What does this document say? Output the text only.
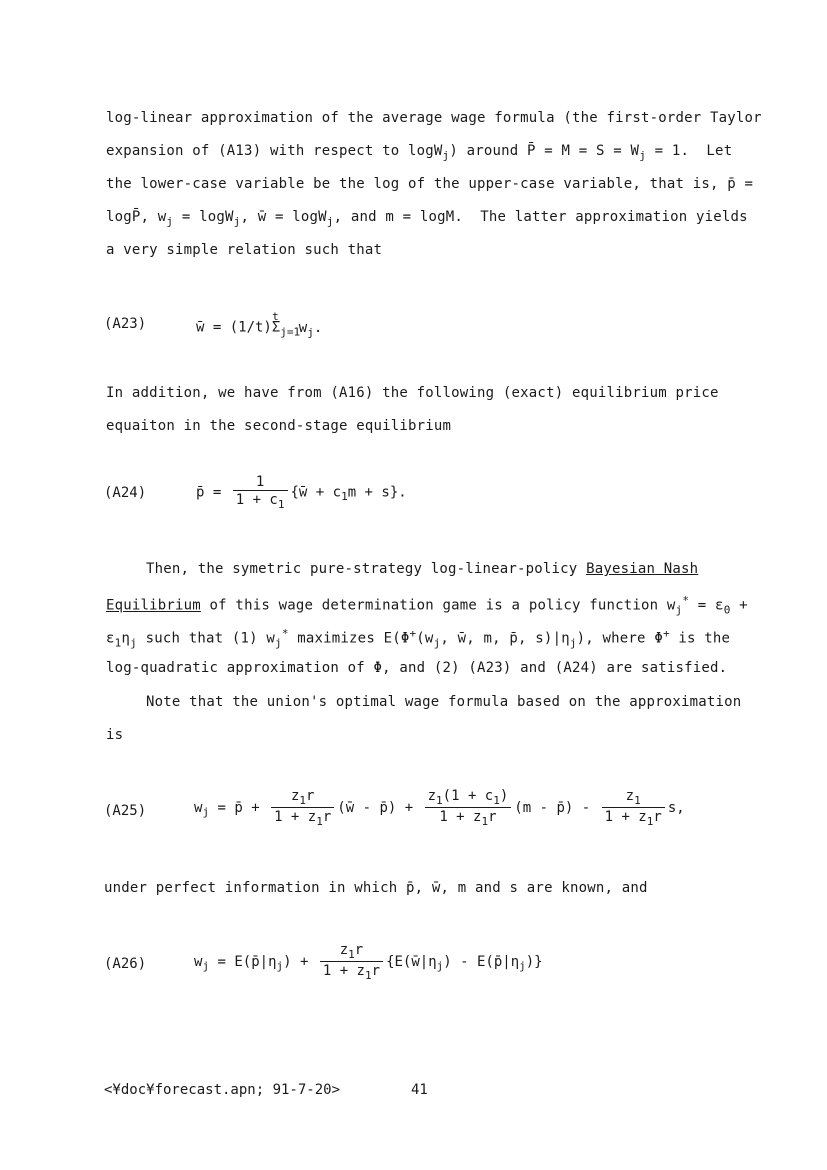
log-linear approximation of the average wage formula (the first-order Taylor
expansion of (A13) with respect to logW$_j$) around P̄ = $M = S = W_j = 1$.  Let
the lower-case variable be the log of the upper-case variable, that is, p̄ =
logP̄, $w_j = \log W_j$, w̄ = logW$_j$, and m = logM.  The latter approximation yields
a very simple relation such that
(A23)	w̄ = $(1/t)\Sigma_{j=1}^tw_j$.
In addition, we have from (A16) the following (exact) equilibrium price
equaiton in the second-stage equilibrium
(A24)	p̄ = $\frac{1}{1 + c_1}$ {w̄ + $c_1m + s$}.
Then, the symetric pure-strategy log-linear-policy Bayesian Nash
Equilibrium of this wage determination game is a policy function $w_j^* = \varepsilon_0$ +
$\varepsilon_1\eta_j$ such that (1) $w_j^*$ maximizes $E(\Phi^+(w_j$, w̄, m, p̄, $s)|\eta_j$), where Φ+ is the
log-quadratic approximation of Φ, and (2) (A23) and (A24) are satisfied.
Note that the union's optimal wage formula based on the approximation
is
(A25)	$w_j$ = p̄ + $\frac{z_1r}{1 + z_1r}$ (w̄ - p̄) + $\frac{z_1(1 + c_1)}{1 + z_1r} (m$ - p̄) - $\frac{z_1}{1 + z_1r} s$,
under perfect information in which p̄, w̄, m and s are known, and
(A26)	$w_j$ = $E(p̄|\eta_j) + \frac{z_1r}{1 + z_1r}$ {$E(w̄|\eta_j)$ - $E(p̄|\eta_j)$}
<¥doc¥forecast.apn; 91-7-20>	41
